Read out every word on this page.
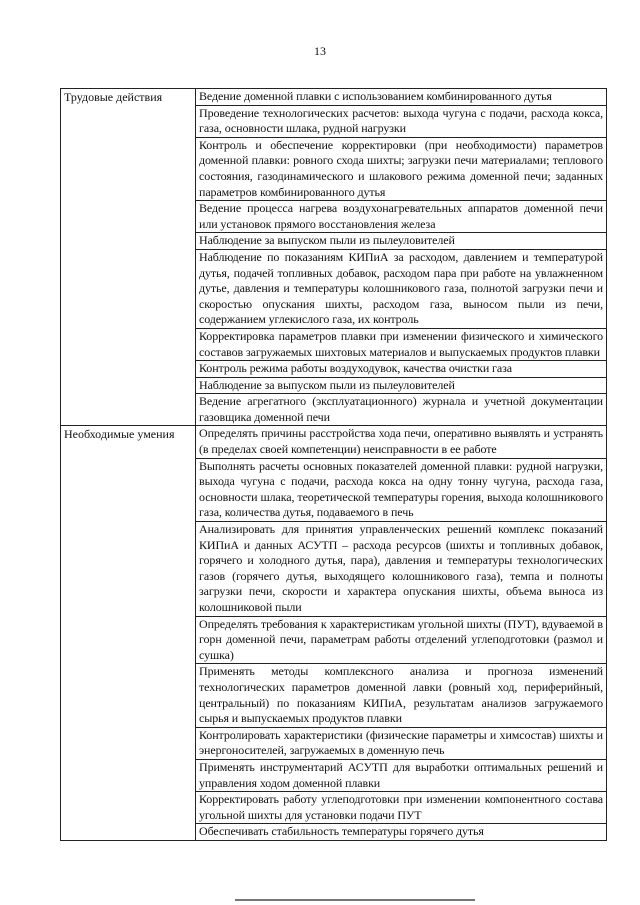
13
Трудовые действия	Ведение доменной плавки с использованием комбинированного дутья
	Проведение технологических расчетов: выхода чугуна с подачи, расхода кокса, газа, основности шлака, рудной нагрузки
	Контроль и обеспечение корректировки (при необходимости) параметров доменной плавки: ровного схода шихты; загрузки печи материалами; теплового состояния, газодинамического и шлакового режима доменной печи; заданных параметров комбинированного дутья
	Ведение процесса нагрева воздухонагревательных аппаратов доменной печи или установок прямого восстановления железа
	Наблюдение за выпуском пыли из пылеуловителей
	Наблюдение по показаниям КИПиА за расходом, давлением и температурой дутья, подачей топливных добавок, расходом пара при работе на увлажненном дутье, давления и температуры колошникового газа, полнотой загрузки печи и скоростью опускания шихты, расходом газа, выносом пыли из печи, содержанием углекислого газа, их контроль
	Корректировка параметров плавки при изменении физического и химического составов загружаемых шихтовых материалов и выпускаемых продуктов плавки
	Контроль режима работы воздуходувок, качества очистки газа
	Наблюдение за выпуском пыли из пылеуловителей
	Ведение агрегатного (эксплуатационного) журнала и учетной документации газовщика доменной печи
Необходимые умения	Определять причины расстройства хода печи, оперативно выявлять и устранять (в пределах своей компетенции) неисправности в ее работе
	Выполнять расчеты основных показателей доменной плавки: рудной нагрузки, выхода чугуна с подачи, расхода кокса на одну тонну чугуна, расхода газа, основности шлака, теоретической температуры горения, выхода колошникового газа, количества дутья, подаваемого в печь
	Анализировать для принятия управленческих решений комплекс показаний КИПиА и данных АСУТП – расхода ресурсов (шихты и топливных добавок, горячего и холодного дутья, пара), давления и температуры технологических газов (горячего дутья, выходящего колошникового газа), темпа и полноты загрузки печи, скорости и характера опускания шихты, объема выноса из колошниковой пыли
	Определять требования к характеристикам угольной шихты (ПУТ), вдуваемой в горн доменной печи, параметрам работы отделений углеподготовки (размол и сушка)
	Применять методы комплексного анализа и прогноза изменений технологических параметров доменной лавки (ровный ход, периферийный, центральный) по показаниям КИПиА, результатам анализов загружаемого сырья и выпускаемых продуктов плавки
	Контролировать характеристики (физические параметры и химсостав) шихты и энергоносителей, загружаемых в доменную печь
	Применять инструментарий АСУТП для выработки оптимальных решений и управления ходом доменной плавки
	Корректировать работу углеподготовки при изменении компонентного состава угольной шихты для установки подачи ПУТ
	Обеспечивать стабильность температуры горячего дутья
